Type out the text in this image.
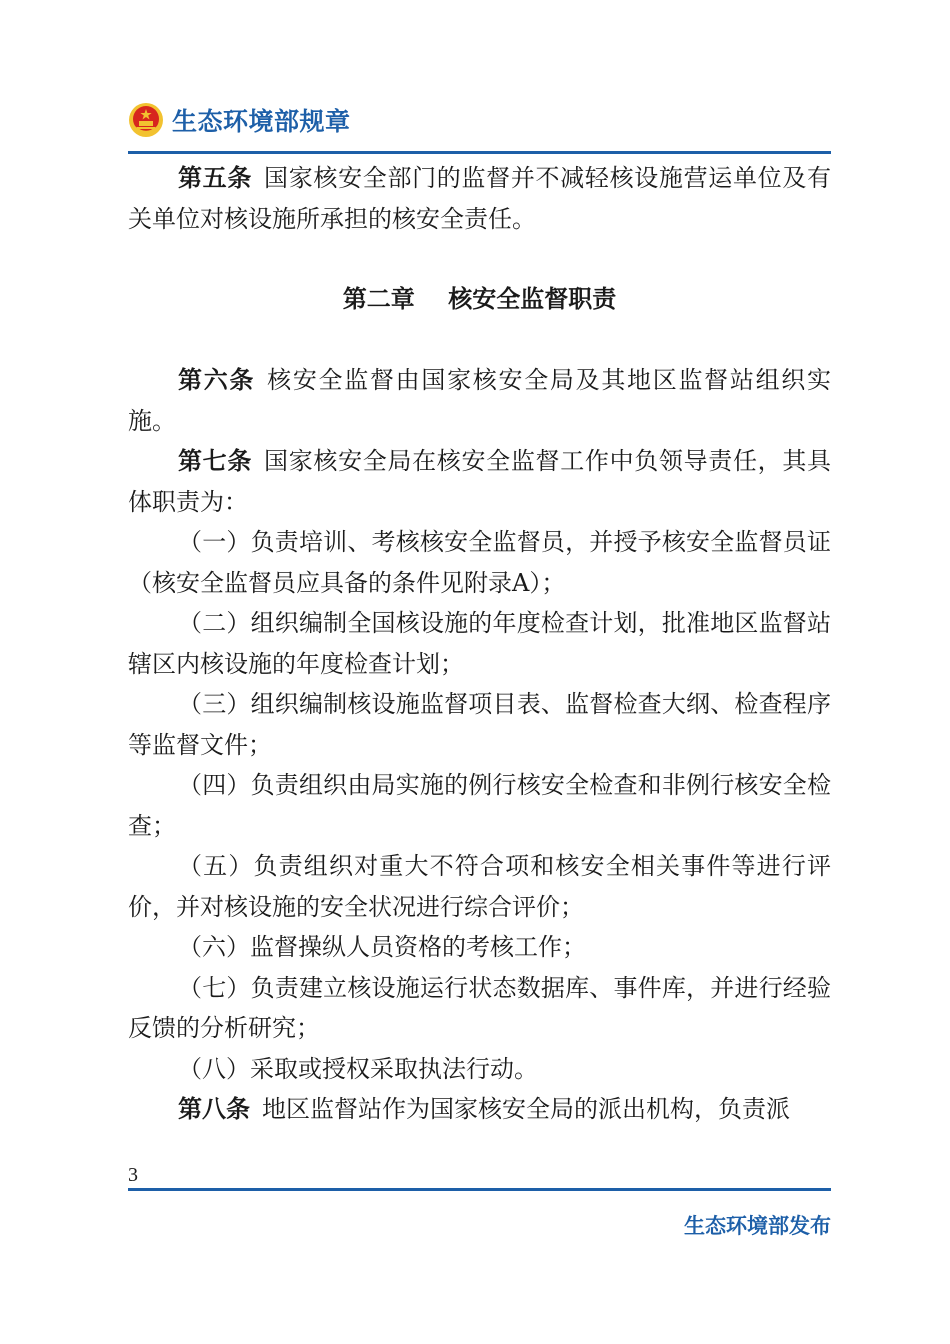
生态环境部规章

第五条 国家核安全部门的监督并不减轻核设施营运单位及有关单位对核设施所承担的核安全责任。

第二章    核安全监督职责

第六条 核安全监督由国家核安全局及其地区监督站组织实施。

第七条 国家核安全局在核安全监督工作中负领导责任，其具体职责为：

（一）负责培训、考核核安全监督员，并授予核安全监督员证（核安全监督员应具备的条件见附录A）；

（二）组织编制全国核设施的年度检查计划，批准地区监督站辖区内核设施的年度检查计划；

（三）组织编制核设施监督项目表、监督检查大纲、检查程序等监督文件；

（四）负责组织由局实施的例行核安全检查和非例行核安全检查；

（五）负责组织对重大不符合项和核安全相关事件等进行评价，并对核设施的安全状况进行综合评价；

（六）监督操纵人员资格的考核工作；

（七）负责建立核设施运行状态数据库、事件库，并进行经验反馈的分析研究；

（八）采取或授权采取执法行动。

第八条 地区监督站作为国家核安全局的派出机构，负责派

3
生态环境部发布
